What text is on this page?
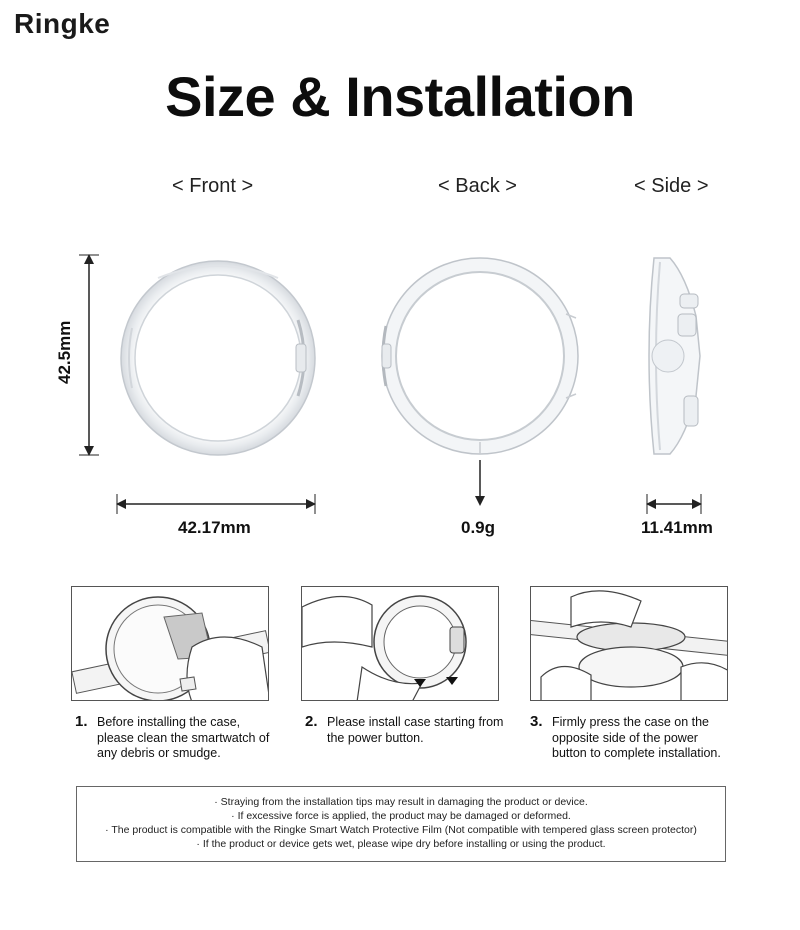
Ringke
Size & Installation
< Front >	< Back >	< Side >
42.5mm
42.17mm	0.9g	11.41mm
1. Before installing the case, please clean the smartwatch of any debris or smudge.
2. Please install case starting from the power button.
3. Firmly press the case on the opposite side of the power button to complete installation.

· Straying from the installation tips may result in damaging the product or device.

· If excessive force is applied, the product may be damaged or deformed.

· The product is compatible with the Ringke Smart Watch Protective Film (Not compatible with tempered glass screen protector)

· If the product or device gets wet, please wipe dry before installing or using the product.
